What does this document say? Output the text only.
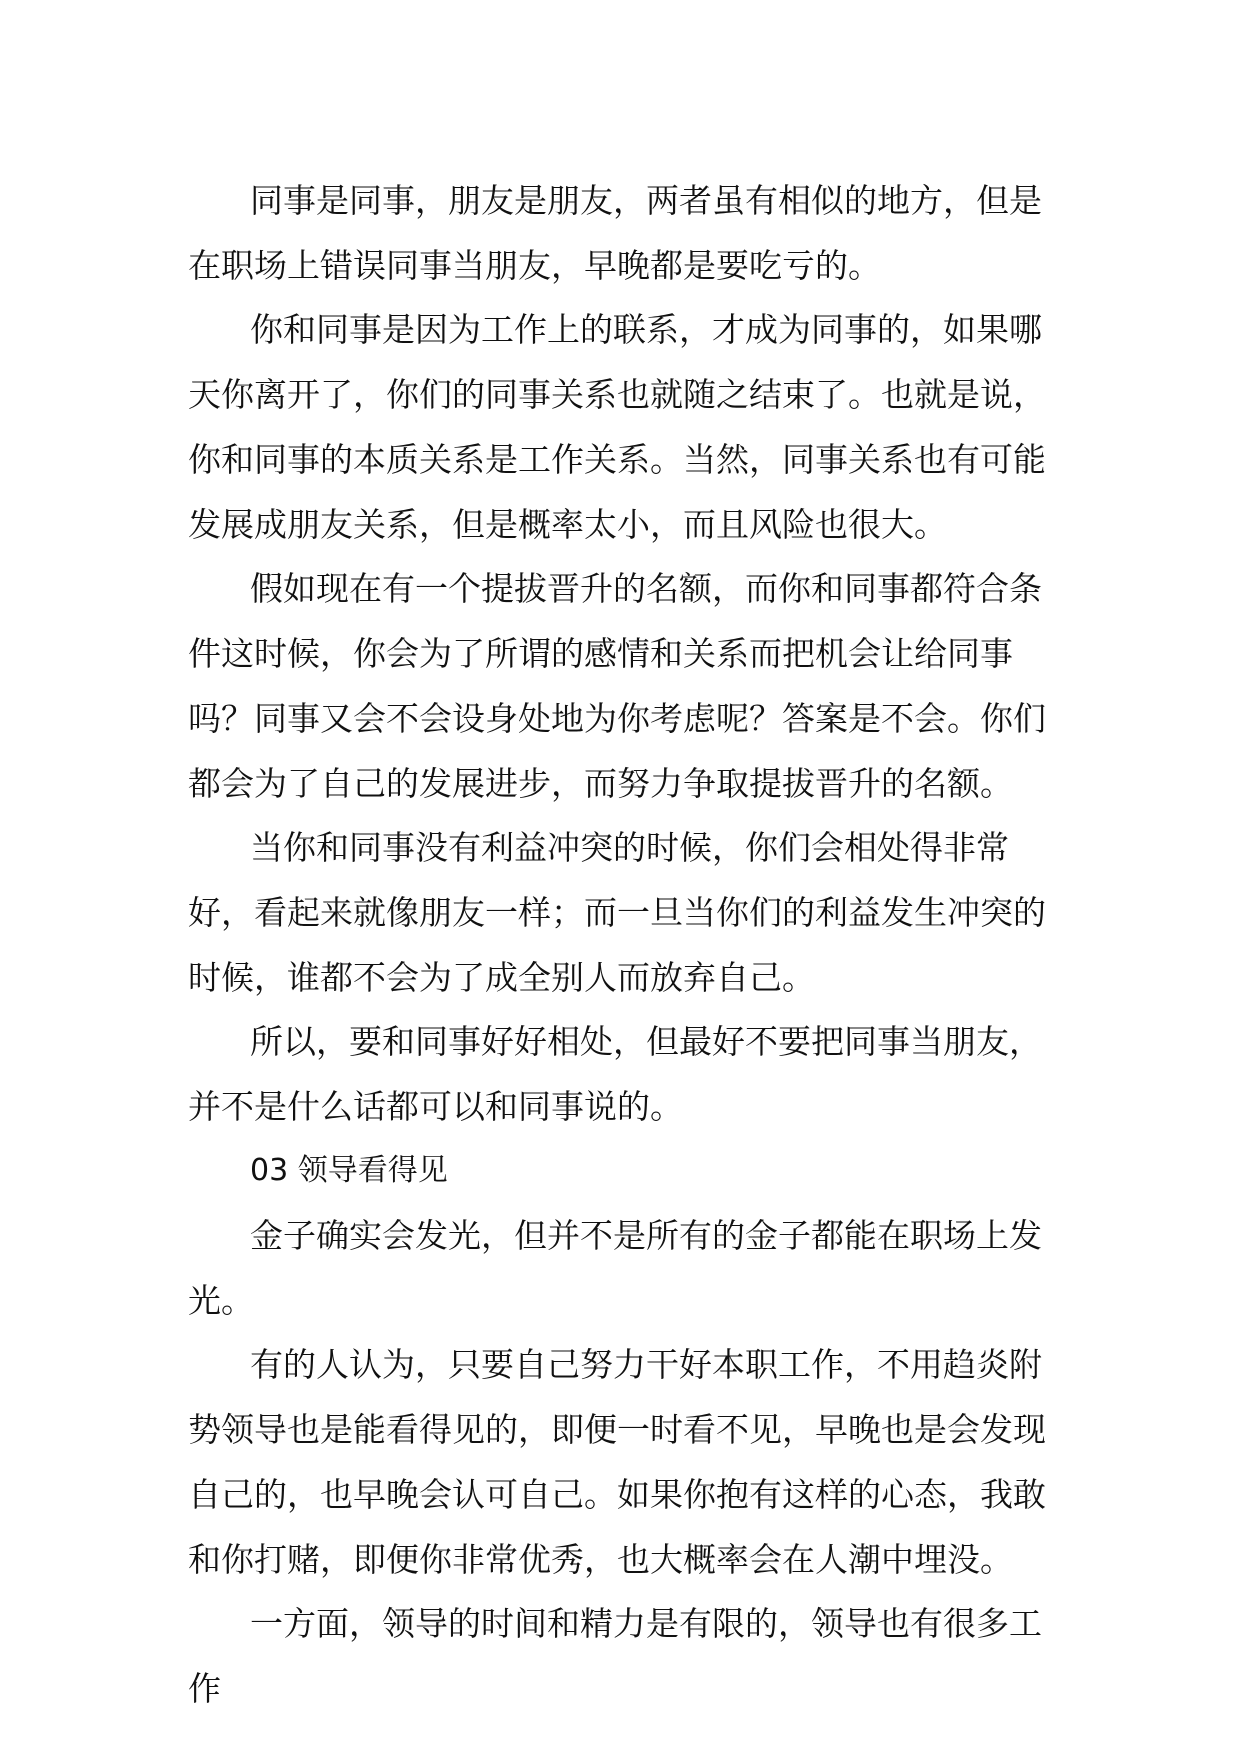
同事是同事，朋友是朋友，两者虽有相似的地方，但是在职场上错误同事当朋友，早晚都是要吃亏的。

你和同事是因为工作上的联系，才成为同事的，如果哪天你离开了，你们的同事关系也就随之结束了。也就是说，你和同事的本质关系是工作关系。当然，同事关系也有可能发展成朋友关系，但是概率太小，而且风险也很大。

假如现在有一个提拔晋升的名额，而你和同事都符合条件这时候，你会为了所谓的感情和关系而把机会让给同事吗？同事又会不会设身处地为你考虑呢？答案是不会。你们都会为了自己的发展进步，而努力争取提拔晋升的名额。

当你和同事没有利益冲突的时候，你们会相处得非常好，看起来就像朋友一样；而一旦当你们的利益发生冲突的时候，谁都不会为了成全别人而放弃自己。

所以，要和同事好好相处，但最好不要把同事当朋友，并不是什么话都可以和同事说的。

03 领导看得见

金子确实会发光，但并不是所有的金子都能在职场上发光。

有的人认为，只要自己努力干好本职工作，不用趋炎附势领导也是能看得见的，即便一时看不见，早晚也是会发现自己的，也早晚会认可自己。如果你抱有这样的心态，我敢和你打赌，即便你非常优秀，也大概率会在人潮中埋没。

一方面，领导的时间和精力是有限的，领导也有很多工作
